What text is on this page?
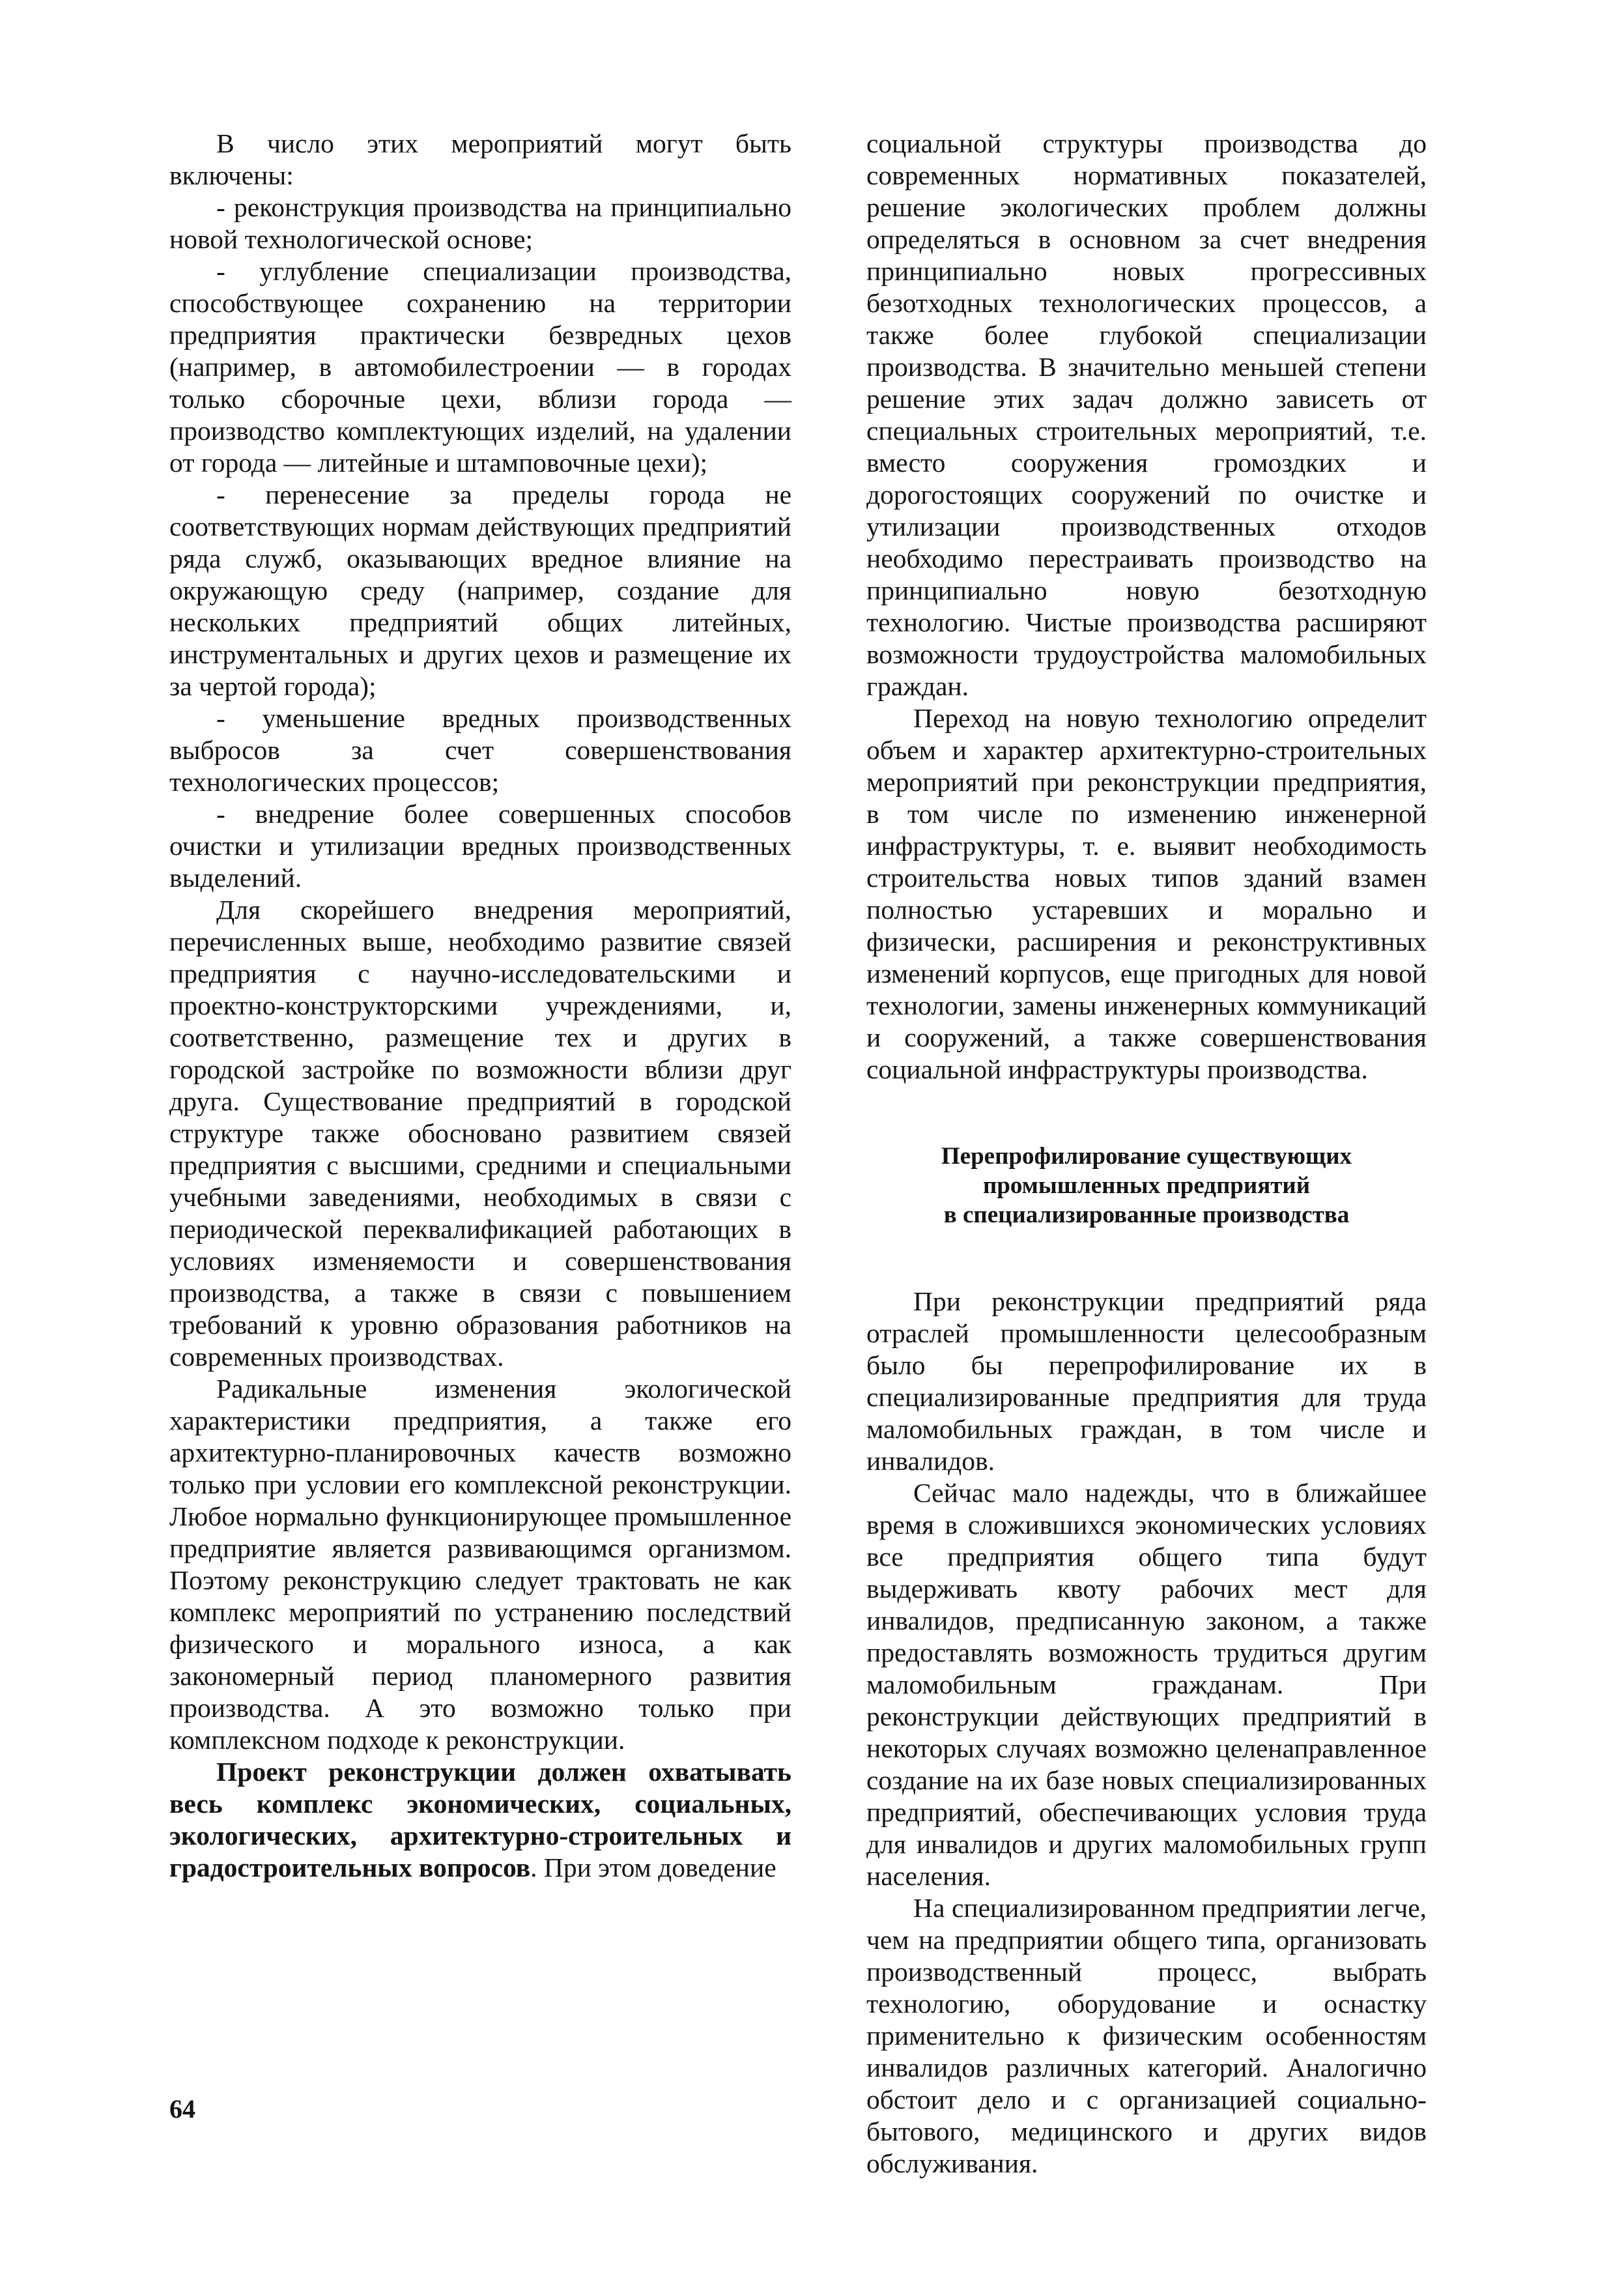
В число этих мероприятий могут быть включены:

- реконструкция производства на принципиально новой технологической основе;

- углубление специализации производства, способствующее сохранению на территории предприятия практически безвредных цехов (например, в автомобилестроении — в городах только сборочные цехи, вблизи города — производство комплектующих изделий, на удалении от города — литейные и штамповочные цехи);

- перенесение за пределы города не соответствующих нормам действующих предприятий ряда служб, оказывающих вредное влияние на окружающую среду (например, создание для нескольких предприятий общих литейных, инструментальных и других цехов и размещение их за чертой города);

- уменьшение вредных производственных выбросов за счет совершенствования технологических процессов;

- внедрение более совершенных способов очистки и утилизации вредных производственных выделений.

Для скорейшего внедрения мероприятий, перечисленных выше, необходимо развитие связей предприятия с научно-исследовательскими и проектно-конструкторскими учреждениями, и, соответственно, размещение тех и других в городской застройке по возможности вблизи друг друга. Существование предприятий в городской структуре также обосновано развитием связей предприятия с высшими, средними и специальными учебными заведениями, необходимых в связи с периодической переквалификацией работающих в условиях изменяемости и совершенствования производства, а также в связи с повышением требований к уровню образования работников на современных производствах.

Радикальные изменения экологической характеристики предприятия, а также его архитектурно-планировочных качеств возможно только при условии его комплексной реконструкции. Любое нормально функционирующее промышленное предприятие является развивающимся организмом. Поэтому реконструкцию следует трактовать не как комплекс мероприятий по устранению последствий физического и морального износа, а как закономерный период планомерного развития производства. А это возможно только при комплексном подходе к реконструкции.

Проект реконструкции должен охватывать весь комплекс экономических, социальных, экологических, архитектурно-строительных и градостроительных вопросов. При этом доведение

социальной структуры производства до современных нормативных показателей, решение экологических проблем должны определяться в основном за счет внедрения принципиально новых прогрессивных безотходных технологических процессов, а также более глубокой специализации производства. В значительно меньшей степени решение этих задач должно зависеть от специальных строительных мероприятий, т.е. вместо сооружения громоздких и дорогостоящих сооружений по очистке и утилизации производственных отходов необходимо перестраивать производство на принципиально новую безотходную технологию. Чистые производства расширяют возможности трудоустройства маломобильных граждан.

Переход на новую технологию определит объем и характер архитектурно-строительных мероприятий при реконструкции предприятия, в том числе по изменению инженерной инфраструктуры, т. е. выявит необходимость строительства новых типов зданий взамен полностью устаревших и морально и физически, расширения и реконструктивных изменений корпусов, еще пригодных для новой технологии, замены инженерных коммуникаций и сооружений, а также совершенствования социальной инфраструктуры производства.

Перепрофилирование существующих
промышленных предприятий
в специализированные производства

При реконструкции предприятий ряда отраслей промышленности целесообразным было бы перепрофилирование их в специализированные предприятия для труда маломобильных граждан, в том числе и инвалидов.

Сейчас мало надежды, что в ближайшее время в сложившихся экономических условиях все предприятия общего типа будут выдерживать квоту рабочих мест для инвалидов, предписанную законом, а также предоставлять возможность трудиться другим маломобильным гражданам. При реконструкции действующих предприятий в некоторых случаях возможно целенаправленное создание на их базе новых специализированных предприятий, обеспечивающих условия труда для инвалидов и других маломобильных групп населения.

На специализированном предприятии легче, чем на предприятии общего типа, организовать производственный процесс, выбрать технологию, оборудование и оснастку применительно к физическим особенностям инвалидов различных категорий. Аналогично обстоит дело и с организацией социально-бытового, медицинского и других видов обслуживания.

64
